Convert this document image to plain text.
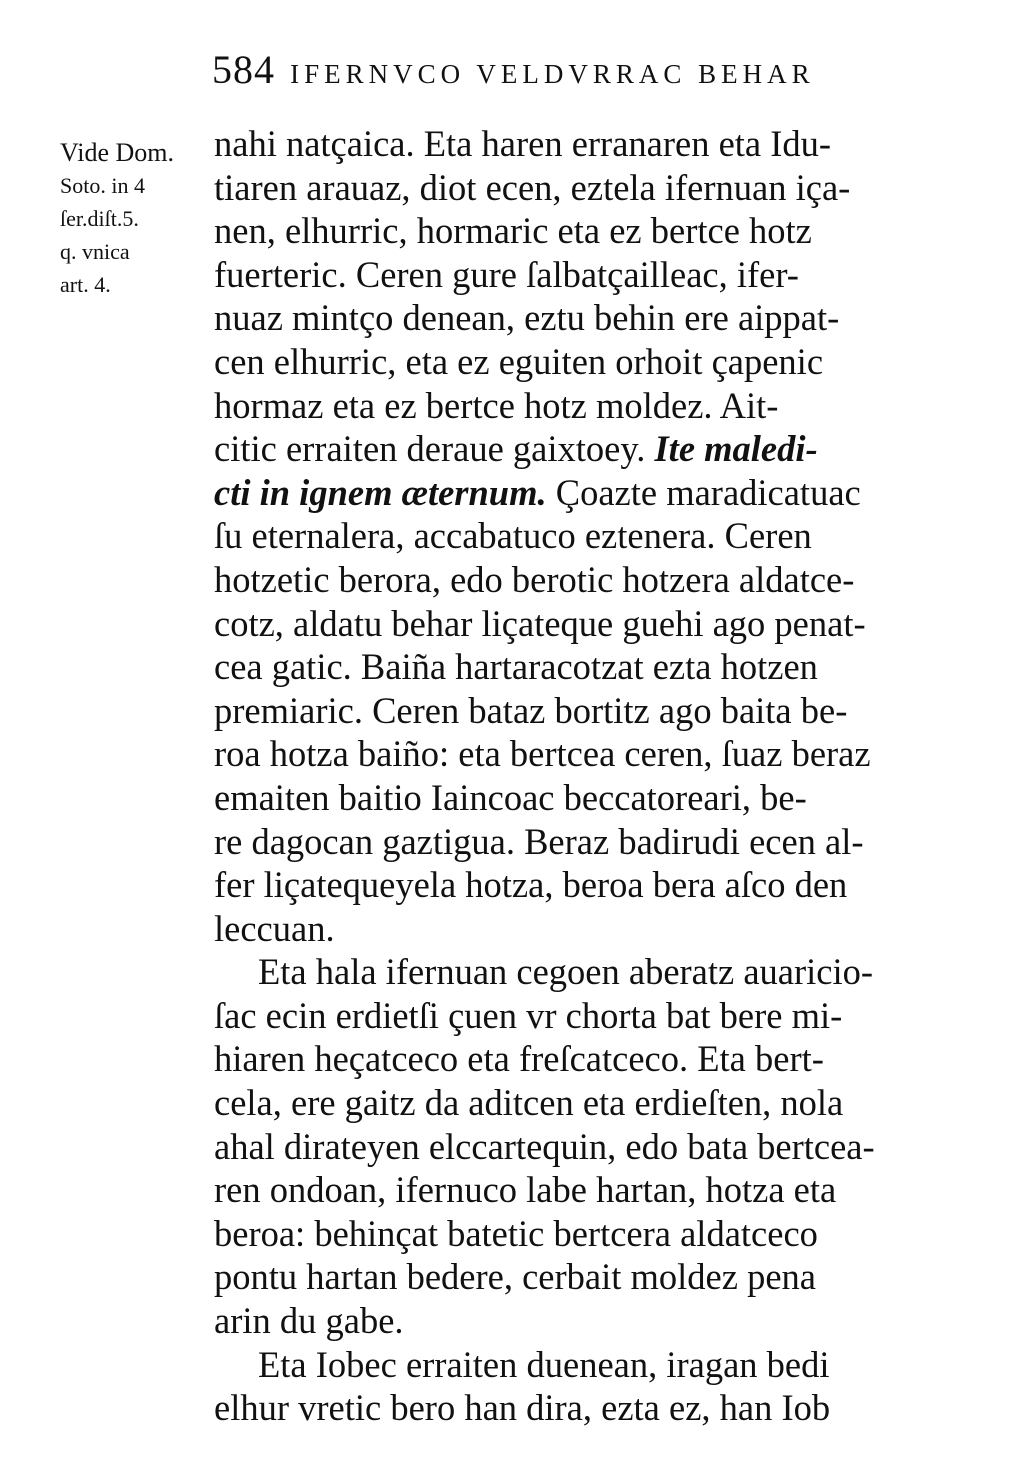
584 IFERNVCO VELDVRRAC BEHAR
Vide Dom.
Soto. in 4
ſer.diſt.5.
q. vnica
art. 4.
nahi natçaica. Eta haren erranaren eta Idu-
tiaren arauaz, diot ecen, eztela ifernuan iça-
nen, elhurric, hormaric eta ez bertce hotz
fuerteric. Ceren gure ſalbatçailleac, ifer-
nuaz mintço denean, eztu behin ere aippat-
cen elhurric, eta ez eguiten orhoit çapenic
hormaz eta ez bertce hotz moldez. Ait-
citic erraiten deraue gaixtoey. Ite maledi-
cti in ignem æternum. Çoazte maradicatuac
ſu eternalera, accabatuco eztenera. Ceren
hotzetic berora, edo berotic hotzera aldatce-
cotz, aldatu behar liçateque guehi ago penat-
cea gatic. Baiña hartaracotzat ezta hotzen
premiaric. Ceren bataz bortitz ago baita be-
roa hotza baiño: eta bertcea ceren, ſuaz beraz
emaiten baitio Iaincoac beccatoreari, be-
re dagocan gaztigua. Beraz badirudi ecen al-
fer liçatequeyela hotza, beroa bera aſco den
leccuan.
Eta hala ifernuan cegoen aberatz auaricio-
ſac ecin erdietſi çuen vr chorta bat bere mi-
hiaren heçatceco eta freſcatceco. Eta bert-
cela, ere gaitz da aditcen eta erdieſten, nola
ahal dirateyen elccartequin, edo bata bertcea-
ren ondoan, ifernuco labe hartan, hotza eta
beroa: behinçat batetic bertcera aldatceco
pontu hartan bedere, cerbait moldez pena
arin du gabe.
Eta Iobec erraiten duenean, iragan bedi
elhur vretic bero han dira, ezta ez, han Iob
